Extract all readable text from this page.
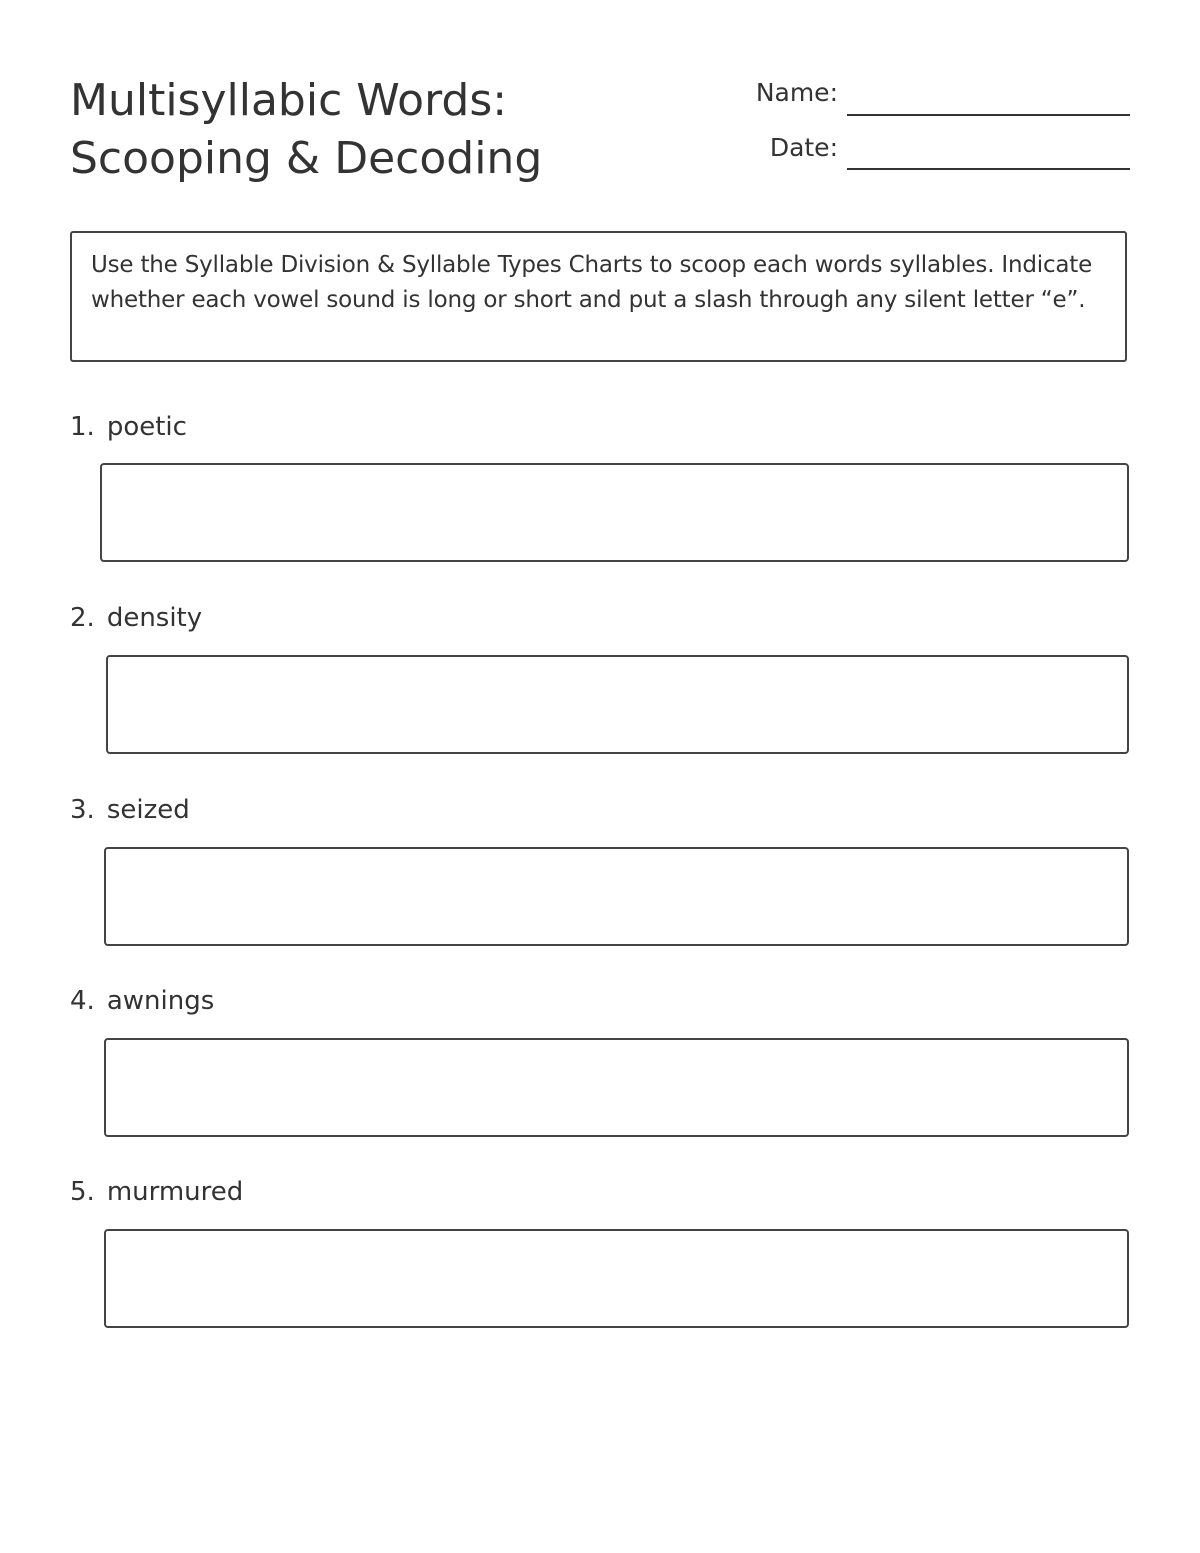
Multisyllabic Words:
Scooping & Decoding
Name:
Date:
Use the Syllable Division & Syllable Types Charts to scoop each words syllables. Indicate whether each vowel sound is long or short and put a slash through any silent letter “e”.
1. poetic
2. density
3. seized
4. awnings
5. murmured
